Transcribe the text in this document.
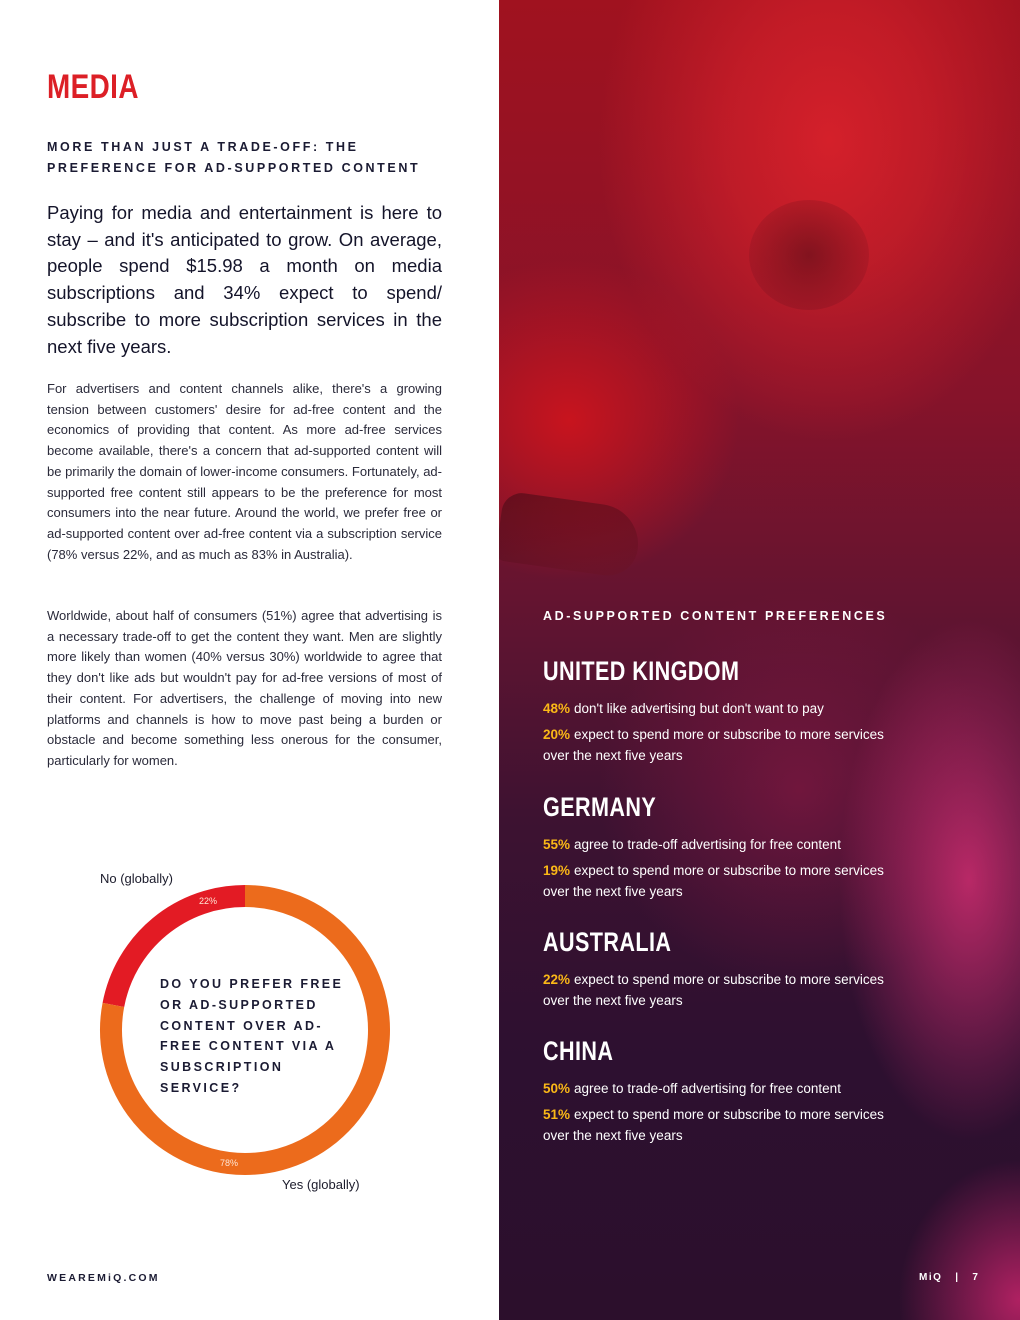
MEDIA

MORE THAN JUST A TRADE-OFF: THE PREFERENCE FOR AD-SUPPORTED CONTENT

Paying for media and entertainment is here to stay – and it's anticipated to grow. On average, people spend $15.98 a month on media subscriptions and 34% expect to spend/ subscribe to more subscription services in the next five years.

For advertisers and content channels alike, there's a growing tension between customers' desire for ad-free content and the economics of providing that content. As more ad-free services become available, there's a concern that ad-supported content will be primarily the domain of lower-income consumers. Fortunately, ad-supported free content still appears to be the preference for most consumers into the near future. Around the world, we prefer free or ad-supported content over ad-free content via a subscription service (78% versus 22%, and as much as 83% in Australia).

Worldwide, about half of consumers (51%) agree that advertising is a necessary trade-off to get the content they want. Men are slightly more likely than women (40% versus 30%) worldwide to agree that they don't like ads but wouldn't pay for ad-free versions of most of their content. For advertisers, the challenge of moving into new platforms and channels is how to move past being a burden or obstacle and become something less onerous for the consumer, particularly for women.

22%
78%
No (globally)
Yes (globally)

DO YOU PREFER FREE OR AD-SUPPORTED CONTENT OVER AD-FREE CONTENT VIA A SUBSCRIPTION SERVICE?

WEAREMiQ.COM

AD-SUPPORTED CONTENT PREFERENCES

UNITED KINGDOM

48% don't like advertising but don't want to pay

20% expect to spend more or subscribe to more services over the next five years

GERMANY

55% agree to trade-off advertising for free content

19% expect to spend more or subscribe to more services over the next five years

AUSTRALIA

22% expect to spend more or subscribe to more services over the next five years

CHINA

50% agree to trade-off advertising for free content

51% expect to spend more or subscribe to more services over the next five years

MiQ | 7
